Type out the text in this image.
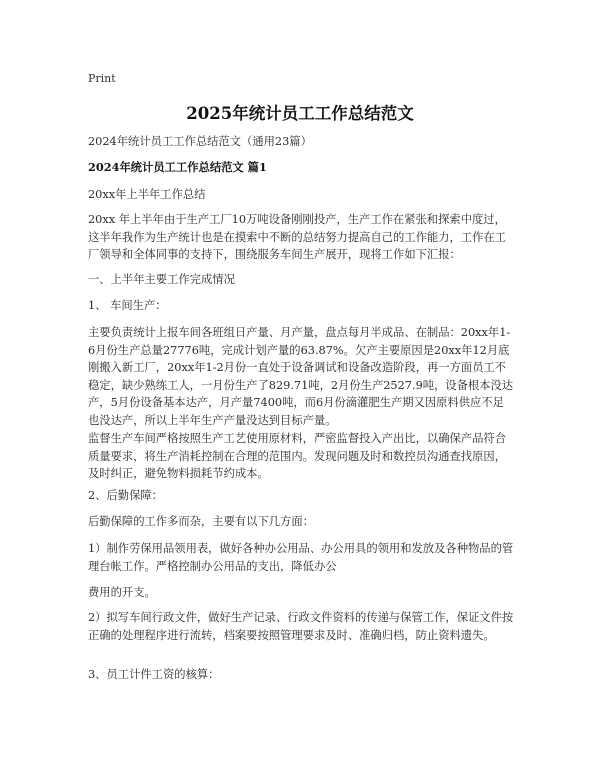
Print
2025年统计员工工作总结范文

2024年统计员工工作总结范文（通用23篇）

2024年统计员工工作总结范文 篇1

20xx年上半年工作总结

20xx 年上半年由于生产工厂10万吨设备刚刚投产，生产工作在紧张和探索中度过，这半年我作为生产统计也是在摸索中不断的总结努力提高自己的工作能力，工作在工厂领导和全体同事的支持下，围绕服务车间生产展开，现将工作如下汇报：

一、上半年主要工作完成情况

1、 车间生产：

主要负责统计上报车间各班组日产量、月产量，盘点每月半成品、在制品：20xx年1-6月份生产总量27776吨，完成计划产量的63.87%。欠产主要原因是20xx年12月底刚搬入新工厂，20xx年1-2月份一直处于设备调试和设备改造阶段，再一方面员工不稳定，缺少熟练工人，一月份生产了829.71吨，2月份生产2527.9吨，设备根本没达产，5月份设备基本达产，月产量7400吨，而6月份滴灌肥生产期又因原料供应不足也没达产，所以上半年生产产量没达到目标产量。

监督生产车间严格按照生产工艺使用原材料，严密监督投入产出比，以确保产品符合质量要求，将生产消耗控制在合理的范围内。发现问题及时和数控员沟通查找原因，及时纠正，避免物料损耗节约成本。

2、后勤保障：

后勤保障的工作多而杂，主要有以下几方面：

1）制作劳保用品领用表，做好各种办公用品、办公用具的领用和发放及各种物品的管理台帐工作。严格控制办公用品的支出，降低办公

费用的开支。

2）拟写车间行政文件，做好生产记录、行政文件资料的传递与保管工作，保证文件按正确的处理程序进行流转，档案要按照管理要求及时、准确归档，防止资料遗失。

3、员工计件工资的核算：
